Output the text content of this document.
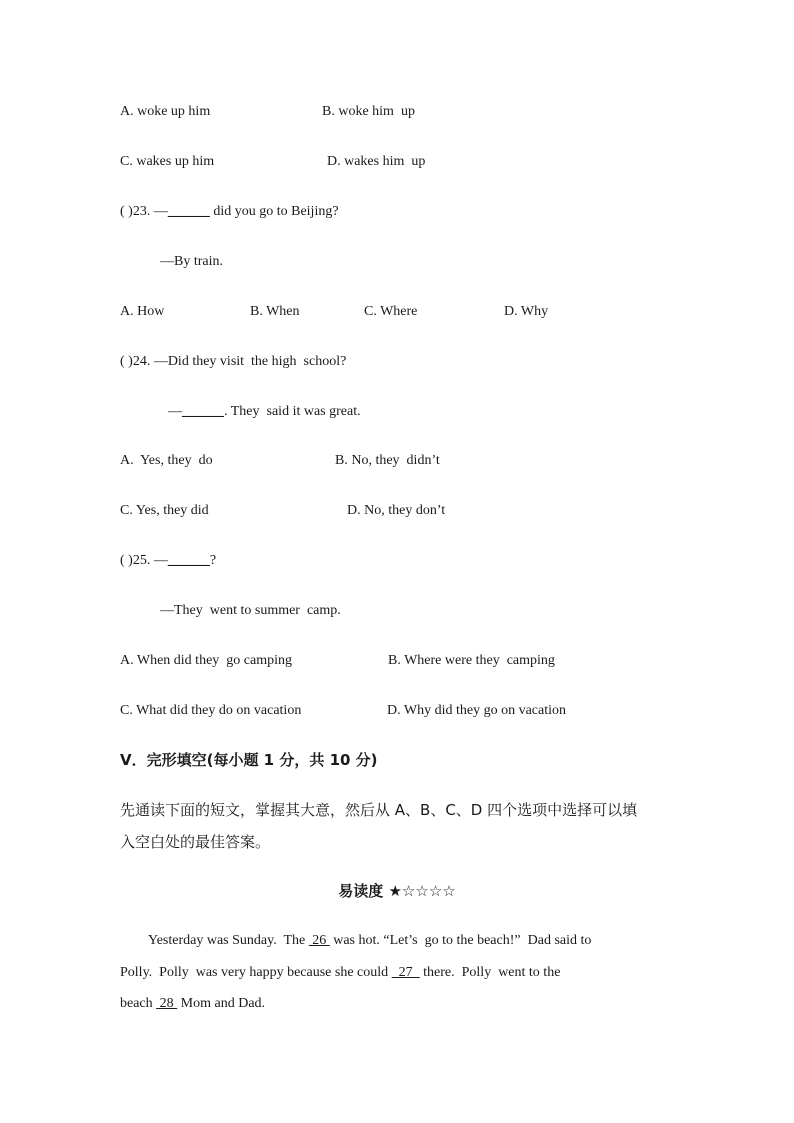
A. woke up him	B. woke him  up
C. wakes up him	D. wakes him  up
( )23. —______ did you go to Beijing?
—By train.
A. How	B. When	C. Where	D. Why
( )24. —Did they visit  the high  school?
—______. They  said it was great.
A.  Yes, they  do	B. No, they  didn’t
C. Yes, they did	D. No, they don’t
( )25. —______?
—They  went to summer  camp.
A. When did they  go camping	B. Where were they  camping
C. What did they do on vacation	D. Why did they go on vacation
V．完形填空(每小题 1 分，共 10 分)
先通读下面的短文，掌握其大意，然后从 A、B、C、D 四个选项中选择可以填
入空白处的最佳答案。
易读度 ★☆☆☆☆
Yesterday was Sunday.  The  26  was hot. “Let’s  go to the beach!”  Dad said to
Polly.  Polly  was very happy because she could   27   there.  Polly  went to the
beach  28  Mom and Dad.
